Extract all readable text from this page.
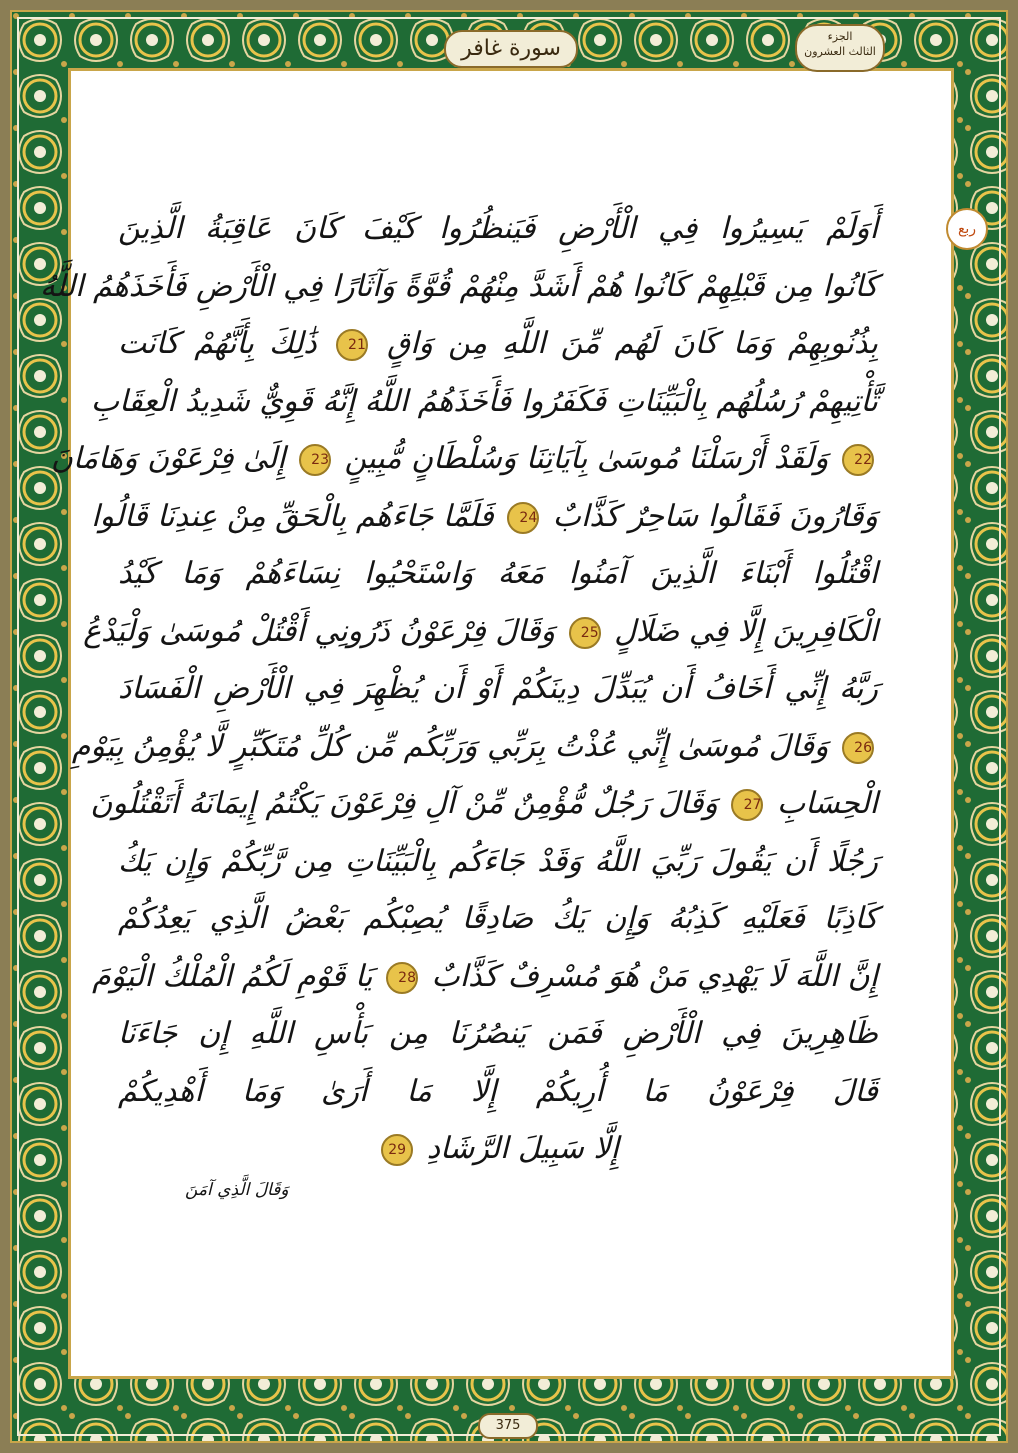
سورة غافر	الجزء
الثالث العشرون
ربع
أَوَلَمْ يَسِيرُوا فِي الْأَرْضِ فَيَنظُرُوا كَيْفَ كَانَ عَاقِبَةُ الَّذِينَ
كَانُوا مِن قَبْلِهِمْ كَانُوا هُمْ أَشَدَّ مِنْهُمْ قُوَّةً وَآثَارًا فِي الْأَرْضِ فَأَخَذَهُمُ اللَّهُ
بِذُنُوبِهِمْ وَمَا كَانَ لَهُم مِّنَ اللَّهِ مِن وَاقٍ 21 ذَٰلِكَ بِأَنَّهُمْ كَانَت
تَّأْتِيهِمْ رُسُلُهُم بِالْبَيِّنَاتِ فَكَفَرُوا فَأَخَذَهُمُ اللَّهُ إِنَّهُ قَوِيٌّ شَدِيدُ الْعِقَابِ
22 وَلَقَدْ أَرْسَلْنَا مُوسَىٰ بِآيَاتِنَا وَسُلْطَانٍ مُّبِينٍ 23 إِلَىٰ فِرْعَوْنَ وَهَامَانَ
وَقَارُونَ فَقَالُوا سَاحِرٌ كَذَّابٌ 24 فَلَمَّا جَاءَهُم بِالْحَقِّ مِنْ عِندِنَا قَالُوا
اقْتُلُوا أَبْنَاءَ الَّذِينَ آمَنُوا مَعَهُ وَاسْتَحْيُوا نِسَاءَهُمْ وَمَا كَيْدُ
الْكَافِرِينَ إِلَّا فِي ضَلَالٍ 25 وَقَالَ فِرْعَوْنُ ذَرُونِي أَقْتُلْ مُوسَىٰ وَلْيَدْعُ
رَبَّهُ إِنِّي أَخَافُ أَن يُبَدِّلَ دِينَكُمْ أَوْ أَن يُظْهِرَ فِي الْأَرْضِ الْفَسَادَ
26 وَقَالَ مُوسَىٰ إِنِّي عُذْتُ بِرَبِّي وَرَبِّكُم مِّن كُلِّ مُتَكَبِّرٍ لَّا يُؤْمِنُ بِيَوْمِ
الْحِسَابِ 27 وَقَالَ رَجُلٌ مُّؤْمِنٌ مِّنْ آلِ فِرْعَوْنَ يَكْتُمُ إِيمَانَهُ أَتَقْتُلُونَ
رَجُلًا أَن يَقُولَ رَبِّيَ اللَّهُ وَقَدْ جَاءَكُم بِالْبَيِّنَاتِ مِن رَّبِّكُمْ وَإِن يَكُ
كَاذِبًا فَعَلَيْهِ كَذِبُهُ وَإِن يَكُ صَادِقًا يُصِبْكُم بَعْضُ الَّذِي يَعِدُكُمْ
إِنَّ اللَّهَ لَا يَهْدِي مَنْ هُوَ مُسْرِفٌ كَذَّابٌ 28 يَا قَوْمِ لَكُمُ الْمُلْكُ الْيَوْمَ
ظَاهِرِينَ فِي الْأَرْضِ فَمَن يَنصُرُنَا مِن بَأْسِ اللَّهِ إِن جَاءَنَا
قَالَ فِرْعَوْنُ مَا أُرِيكُمْ إِلَّا مَا أَرَىٰ وَمَا أَهْدِيكُمْ
إِلَّا سَبِيلَ الرَّشَادِ 29
وَقَالَ الَّذِي آمَنَ
375
